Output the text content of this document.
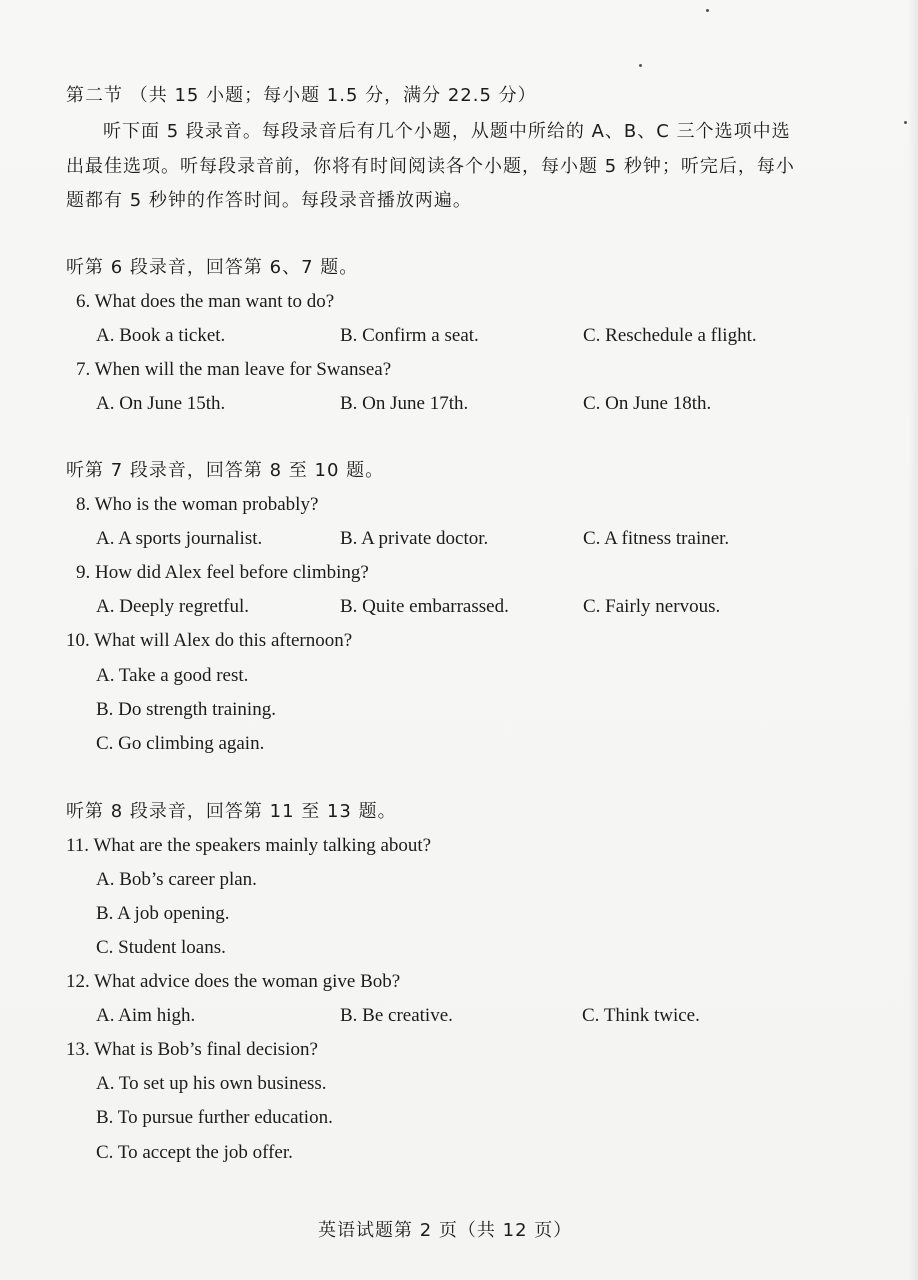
第二节 （共 15 小题；每小题 1.5 分，满分 22.5 分）
听下面 5 段录音。每段录音后有几个小题，从题中所给的 A、B、C 三个选项中选
出最佳选项。听每段录音前，你将有时间阅读各个小题，每小题 5 秒钟；听完后，每小
题都有 5 秒钟的作答时间。每段录音播放两遍。
听第 6 段录音，回答第 6、7 题。
6. What does the man want to do?
A. Book a ticket.	B. Confirm a seat.	C. Reschedule a flight.
7. When will the man leave for Swansea?
A. On June 15th.	B. On June 17th.	C. On June 18th.
听第 7 段录音，回答第 8 至 10 题。
8. Who is the woman probably?
A. A sports journalist.	B. A private doctor.	C. A fitness trainer.
9. How did Alex feel before climbing?
A. Deeply regretful.	B. Quite embarrassed.	C. Fairly nervous.
10. What will Alex do this afternoon?
A. Take a good rest.
B. Do strength training.
C. Go climbing again.
听第 8 段录音，回答第 11 至 13 题。
11. What are the speakers mainly talking about?
A. Bob’s career plan.
B. A job opening.
C. Student loans.
12. What advice does the woman give Bob?
A. Aim high.	B. Be creative.	C. Think twice.
13. What is Bob’s final decision?
A. To set up his own business.
B. To pursue further education.
C. To accept the job offer.
英语试题第 2 页（共 12 页）
